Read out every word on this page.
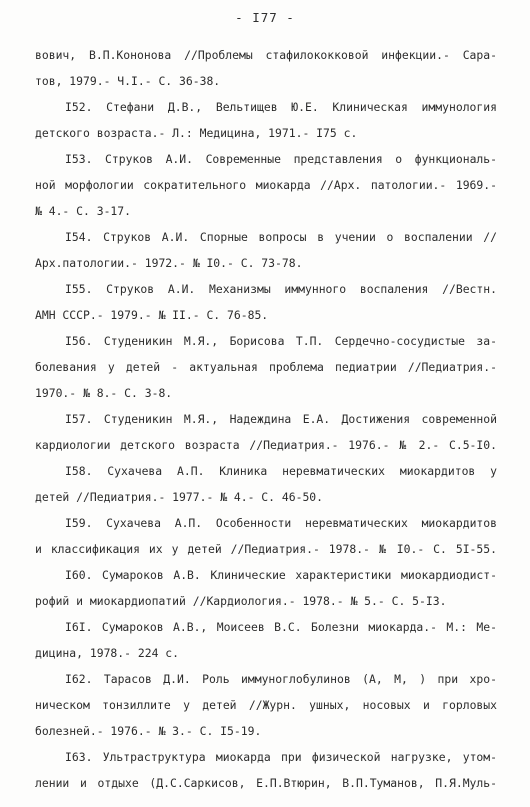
- I77 -
вович, В.П.Кононова //Проблемы стафилококковой инфекции.- Сара-
тов, 1979.- Ч.I.- С. 36-38.
I52. Стефани Д.В., Вельтищев Ю.Е. Клиническая иммунология
детского возраста.- Л.: Медицина, 1971.- I75 с.
I53. Струков А.И. Современные представления о функциональ-
ной морфологии сократительного миокарда //Арх. патологии.- 1969.-
№ 4.- С. 3-17.
I54. Струков А.И. Спорные вопросы в учении о воспалении //
Арх.патологии.- 1972.- № I0.- С. 73-78.
I55. Струков А.И. Механизмы иммунного воспаления //Вестн.
АМН СССР.- 1979.- № II.- С. 76-85.
I56. Студеникин М.Я., Борисова Т.П. Сердечно-сосудистые за-
болевания у детей - актуальная проблема педиатрии //Педиатрия.-
1970.- № 8.- С. 3-8.
I57. Студеникин М.Я., Надеждина Е.А. Достижения современной
кардиологии детского возраста //Педиатрия.- 1976.- № 2.- С.5-I0.
I58. Сухачева А.П. Клиника неревматических миокардитов у
детей //Педиатрия.- 1977.- № 4.- С. 46-50.
I59. Сухачева А.П. Особенности неревматических миокардитов
и классификация их у детей //Педиатрия.- 1978.- № I0.- С. 5I-55.
I60. Сумароков А.В. Клинические характеристики миокардиодист-
рофий и миокардиопатий //Кардиология.- 1978.- № 5.- С. 5-I3.
I6I. Сумароков А.В., Моисеев В.С. Болезни миокарда.- М.: Ме-
дицина, 1978.- 224 с.
I62. Тарасов Д.И. Роль иммуноглобулинов (А, М, ) при хро-
ническом тонзиллите у детей //Журн. ушных, носовых и горловых
болезней.- 1976.- № 3.- С. I5-19.
I63. Ультраструктура миокарда при физической нагрузке, утом-
лении и отдыхе (Д.С.Саркисов, Е.П.Втюрин, В.П.Туманов, П.Я.Муль-
